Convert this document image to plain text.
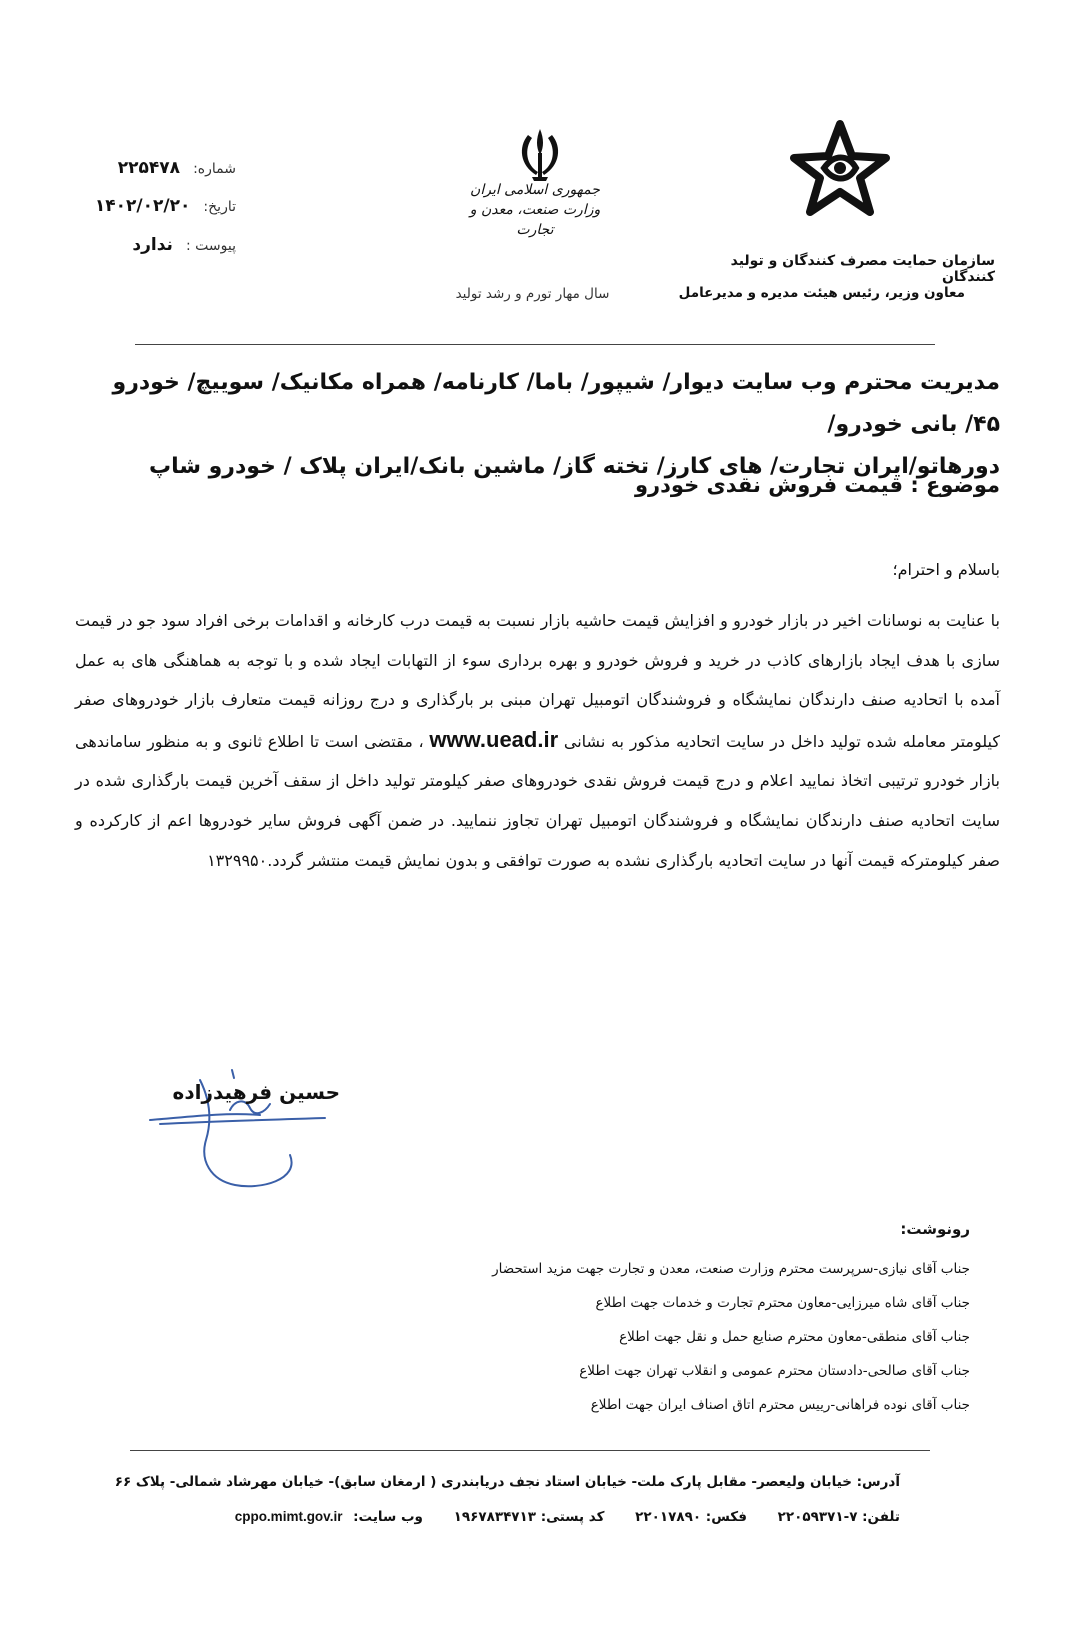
شماره: ۲۲۵۴۷۸
تاریخ: ۱۴۰۲/۰۲/۲۰
پیوست : ندارد
جمهوری اسلامی ایران
وزارت صنعت، معدن و تجارت
سال مهار تورم و رشد تولید
سازمان حمایت مصرف کنندگان و تولید کنندگان
معاون وزیر، رئیس هیئت مدیره و مدیرعامل
مدیریت محترم وب سایت دیوار/ شیپور/ باما/ کارنامه/ همراه مکانیک/ سوییچ/ خودرو ۴۵/ بانی خودرو/
دورهاتو/ایران تجارت/ های کارز/ تخته گاز/ ماشین بانک/ایران پلاک / خودرو شاپ
موضوع : قیمت فروش نقدی خودرو
باسلام و احترام؛
با عنایت به نوسانات اخیر در بازار خودرو و افزایش قیمت حاشیه بازار نسبت به قیمت درب کارخانه و اقدامات برخی افراد سود جو در قیمت سازی با هدف ایجاد بازارهای کاذب در خرید و فروش خودرو و بهره برداری سوء از التهابات ایجاد شده و با توجه به هماهنگی های به عمل آمده با اتحادیه صنف دارندگان نمایشگاه و فروشندگان اتومبیل تهران مبنی بر بارگذاری و درج روزانه قیمت متعارف بازار خودروهای صفر کیلومتر معامله شده تولید داخل در سایت اتحادیه مذکور به نشانی www.uead.ir ، مقتضی است تا اطلاع ثانوی و به منظور ساماندهی بازار خودرو ترتیبی اتخاذ نمایید اعلام و درج قیمت فروش نقدی خودروهای صفر کیلومتر تولید داخل از سقف آخرین قیمت بارگذاری شده در سایت اتحادیه صنف دارندگان نمایشگاه و فروشندگان اتومبیل تهران تجاوز ننمایید. در ضمن آگهی فروش سایر خودروها اعم از کارکرده و صفر کیلومترکه قیمت آنها در سایت اتحادیه بارگذاری نشده به صورت توافقی و بدون نمایش قیمت منتشر گردد.۱۳۲۹۹۵۰
حسین فرهیدزاده
رونوشت:
جناب آقای نیازی-سرپرست محترم وزارت صنعت، معدن و تجارت جهت مزید استحضار
جناب آقای شاه میرزایی-معاون محترم تجارت و خدمات جهت اطلاع
جناب آقای منطقی-معاون محترم صنایع حمل و نقل جهت اطلاع
جناب آقای صالحی-دادستان محترم عمومی و انقلاب تهران جهت اطلاع
جناب آقای نوده فراهانی-رییس محترم اتاق اصناف ایران جهت اطلاع
آدرس: خیابان ولیعصر- مقابل پارک ملت- خیابان استاد نجف دریابندری ( ارمغان سابق)- خیابان مهرشاد شمالی- پلاک ۶۶
تلفن: ۷-۲۲۰۵۹۳۷۱ فکس: ۲۲۰۱۷۸۹۰ کد پستی: ۱۹۶۷۸۳۴۷۱۳ وب سایت: cppo.mimt.gov.ir
